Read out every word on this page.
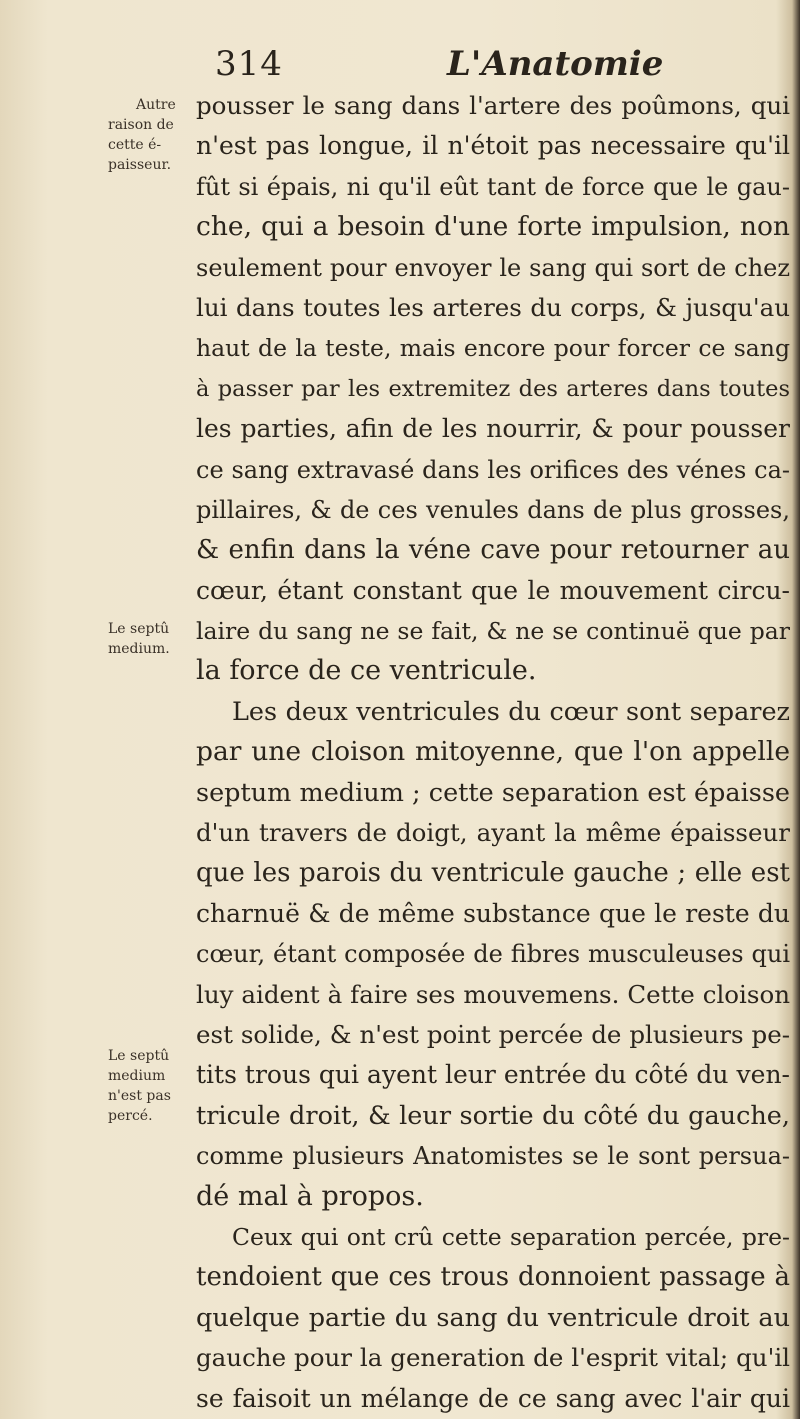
314	L'Anatomie
Autre
raison de
cette é-
paisseur.
Le septû
medium.
Le septû
medium
n'est pas
percé.
pousser le sang dans l'artere des poûmons, qui
n'est pas longue, il n'étoit pas necessaire qu'il
fût si épais, ni qu'il eût tant de force que le gau-
che, qui a besoin d'une forte impulsion, non
seulement pour envoyer le sang qui sort de chez
lui dans toutes les arteres du corps, & jusqu'au
haut de la teste, mais encore pour forcer ce sang
à passer par les extremitez des arteres dans toutes
les parties, afin de les nourrir, & pour pousser
ce sang extravasé dans les orifices des vénes ca-
pillaires, & de ces venules dans de plus grosses,
& enfin dans la véne cave pour retourner au
cœur, étant constant que le mouvement circu-
laire du sang ne se fait, & ne se continuë que par
la force de ce ventricule.
Les deux ventricules du cœur sont separez
par une cloison mitoyenne, que l'on appelle
septum medium ; cette separation est épaisse
d'un travers de doigt, ayant la même épaisseur
que les parois du ventricule gauche ; elle est
charnuë & de même substance que le reste du
cœur, étant composée de fibres musculeuses qui
luy aident à faire ses mouvemens. Cette cloison
est solide, & n'est point percée de plusieurs pe-
tits trous qui ayent leur entrée du côté du ven-
tricule droit, & leur sortie du côté du gauche,
comme plusieurs Anatomistes se le sont persua-
dé mal à propos.
Ceux qui ont crû cette separation percée, pre-
tendoient que ces trous donnoient passage à
quelque partie du sang du ventricule droit au
gauche pour la generation de l'esprit vital; qu'il
se faisoit un mélange de ce sang avec l'air qui
